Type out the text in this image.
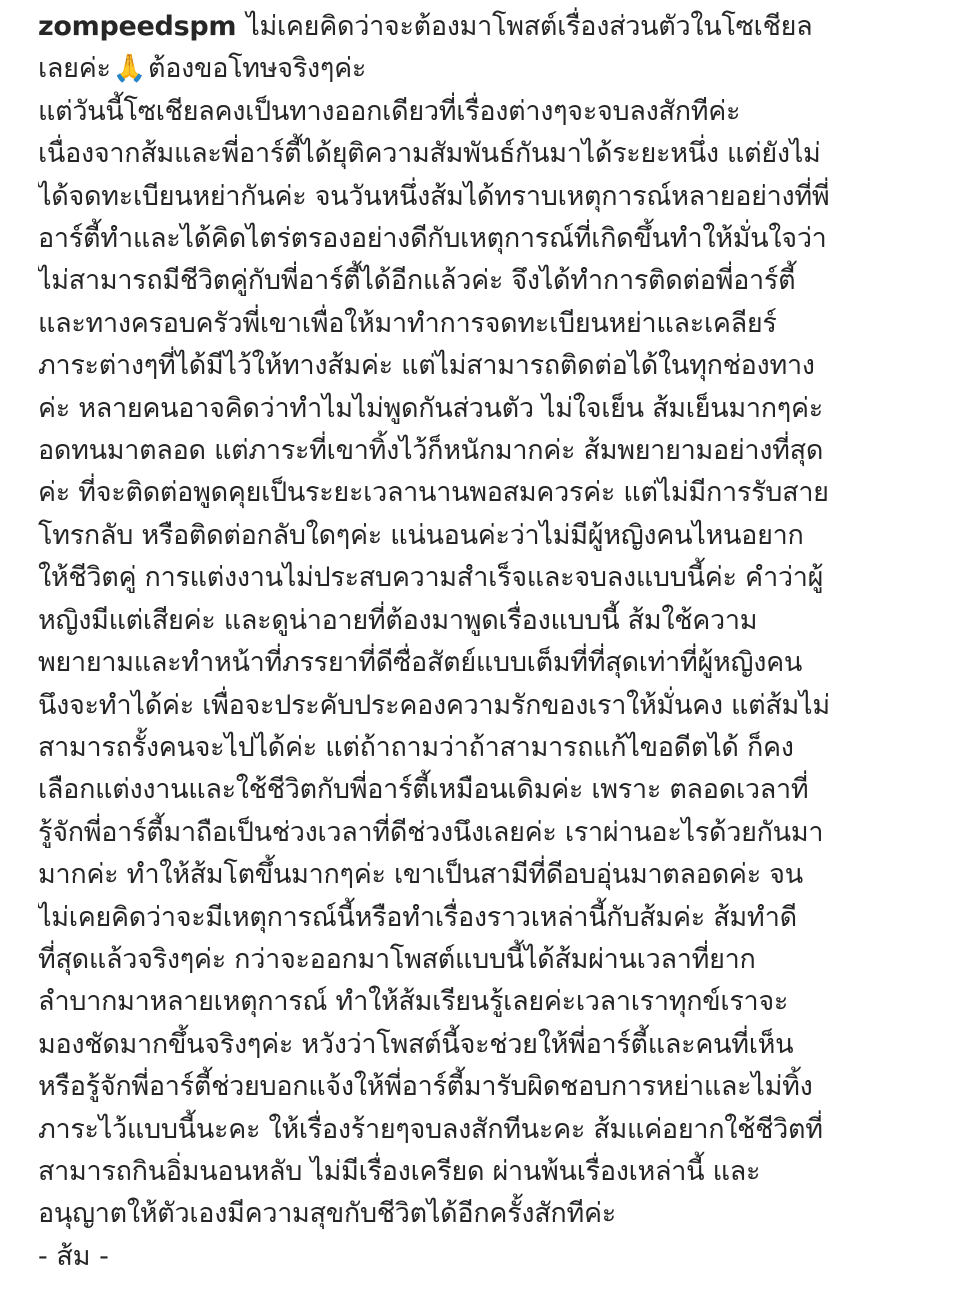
zompeedspm ไม่เคยคิดว่าจะต้องมาโพสต์เรื่องส่วนตัวในโซเชียล
เลยค่ะ🙏ต้องขอโทษจริงๆค่ะ
แต่วันนี้โซเชียลคงเป็นทางออกเดียวที่เรื่องต่างๆจะจบลงสักทีค่ะ
เนื่องจากส้มและพี่อาร์ตี้ได้ยุติความสัมพันธ์กันมาได้ระยะหนึ่ง แต่ยังไม่
ได้จดทะเบียนหย่ากันค่ะ จนวันหนึ่งส้มได้ทราบเหตุการณ์หลายอย่างที่พี่
อาร์ตี้ทำและได้คิดไตร่ตรองอย่างดีกับเหตุการณ์ที่เกิดขึ้นทำให้มั่นใจว่า
ไม่สามารถมีชีวิตคู่กับพี่อาร์ตี้ได้อีกแล้วค่ะ จึงได้ทำการติดต่อพี่อาร์ตี้
และทางครอบครัวพี่เขาเพื่อให้มาทำการจดทะเบียนหย่าและเคลียร์
ภาระต่างๆที่ได้มีไว้ให้ทางส้มค่ะ แต่ไม่สามารถติดต่อได้ในทุกช่องทาง
ค่ะ หลายคนอาจคิดว่าทำไมไม่พูดกันส่วนตัว ไม่ใจเย็น ส้มเย็นมากๆค่ะ
อดทนมาตลอด แต่ภาระที่เขาทิ้งไว้ก็หนักมากค่ะ ส้มพยายามอย่างที่สุด
ค่ะ ที่จะติดต่อพูดคุยเป็นระยะเวลานานพอสมควรค่ะ แต่ไม่มีการรับสาย
โทรกลับ หรือติดต่อกลับใดๆค่ะ แน่นอนค่ะว่าไม่มีผู้หญิงคนไหนอยาก
ให้ชีวิตคู่ การแต่งงานไม่ประสบความสำเร็จและจบลงแบบนี้ค่ะ คำว่าผู้
หญิงมีแต่เสียค่ะ และดูน่าอายที่ต้องมาพูดเรื่องแบบนี้ ส้มใช้ความ
พยายามและทำหน้าที่ภรรยาที่ดีซื่อสัตย์แบบเต็มที่ที่สุดเท่าที่ผู้หญิงคน
นึงจะทำได้ค่ะ เพื่อจะประคับประคองความรักของเราให้มั่นคง แต่ส้มไม่
สามารถรั้งคนจะไปได้ค่ะ แต่ถ้าถามว่าถ้าสามารถแก้ไขอดีตได้ ก็คง
เลือกแต่งงานและใช้ชีวิตกับพี่อาร์ตี้เหมือนเดิมค่ะ เพราะ ตลอดเวลาที่
รู้จักพี่อาร์ตี้มาถือเป็นช่วงเวลาที่ดีช่วงนึงเลยค่ะ เราผ่านอะไรด้วยกันมา
มากค่ะ ทำให้ส้มโตขึ้นมากๆค่ะ เขาเป็นสามีที่ดีอบอุ่นมาตลอดค่ะ จน
ไม่เคยคิดว่าจะมีเหตุการณ์นี้หรือทำเรื่องราวเหล่านี้กับส้มค่ะ ส้มทำดี
ที่สุดแล้วจริงๆค่ะ กว่าจะออกมาโพสต์แบบนี้ได้ส้มผ่านเวลาที่ยาก
ลำบากมาหลายเหตุการณ์ ทำให้ส้มเรียนรู้เลยค่ะเวลาเราทุกข์เราจะ
มองชัดมากขึ้นจริงๆค่ะ หวังว่าโพสต์นี้จะช่วยให้พี่อาร์ตี้และคนที่เห็น
หรือรู้จักพี่อาร์ตี้ช่วยบอกแจ้งให้พี่อาร์ตี้มารับผิดชอบการหย่าและไม่ทิ้ง
ภาระไว้แบบนี้นะคะ ให้เรื่องร้ายๆจบลงสักทีนะคะ ส้มแค่อยากใช้ชีวิตที่
สามารถกินอิ่มนอนหลับ ไม่มีเรื่องเครียด ผ่านพ้นเรื่องเหล่านี้ และ
อนุญาตให้ตัวเองมีความสุขกับชีวิตได้อีกครั้งสักทีค่ะ
- ส้ม -
